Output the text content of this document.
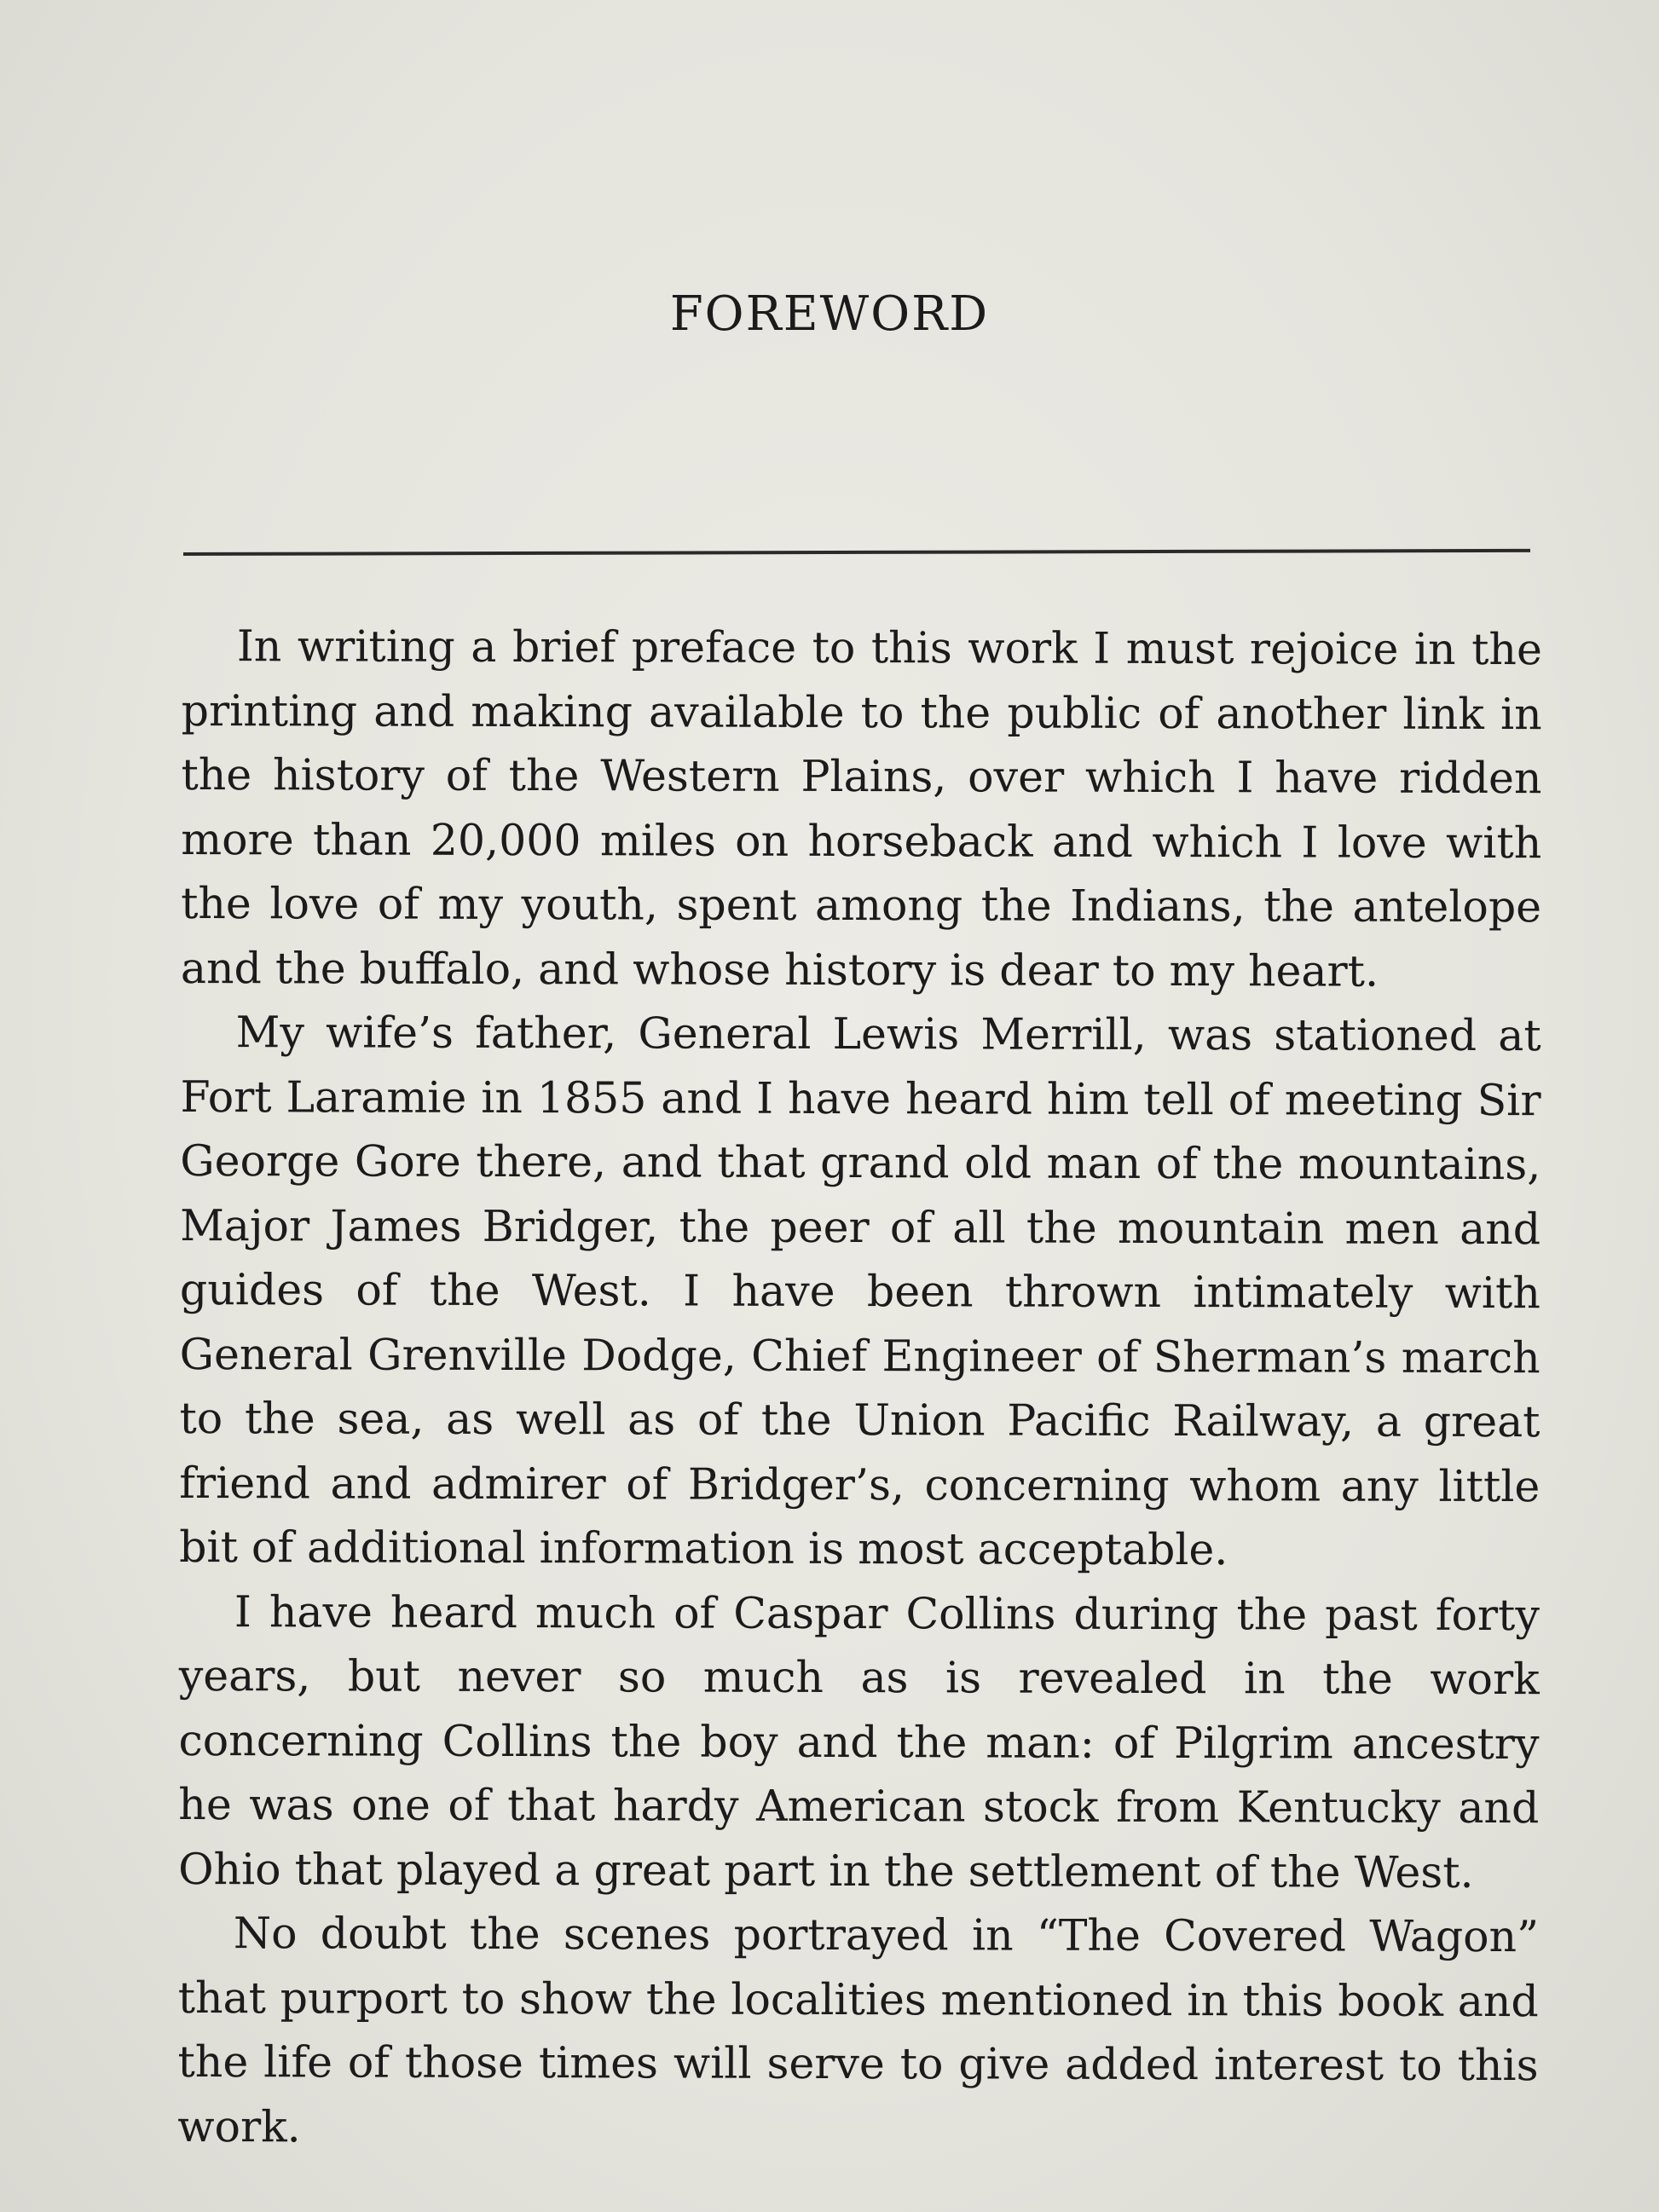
FOREWORD

In writing a brief preface to this work I must rejoice in the printing and making available to the public of another link in the history of the Western Plains, over which I have ridden more than 20,000 miles on horseback and which I love with the love of my youth, spent among the Indians, the antelope and the buffalo, and whose history is dear to my heart.

My wife’s father, General Lewis Merrill, was stationed at Fort Laramie in 1855 and I have heard him tell of meeting Sir George Gore there, and that grand old man of the mountains, Major James Bridger, the peer of all the mountain men and guides of the West. I have been thrown intimately with General Grenville Dodge, Chief Engineer of Sherman’s march to the sea, as well as of the Union Pacific Railway, a great friend and admirer of Bridger’s, concerning whom any little bit of additional information is most acceptable.

I have heard much of Caspar Collins during the past forty years, but never so much as is revealed in the work concerning Collins the boy and the man: of Pilgrim ancestry he was one of that hardy American stock from Kentucky and Ohio that played a great part in the settlement of the West.

No doubt the scenes portrayed in “The Covered Wagon” that purport to show the localities mentioned in this book and the life of those times will serve to give added interest to this work.
